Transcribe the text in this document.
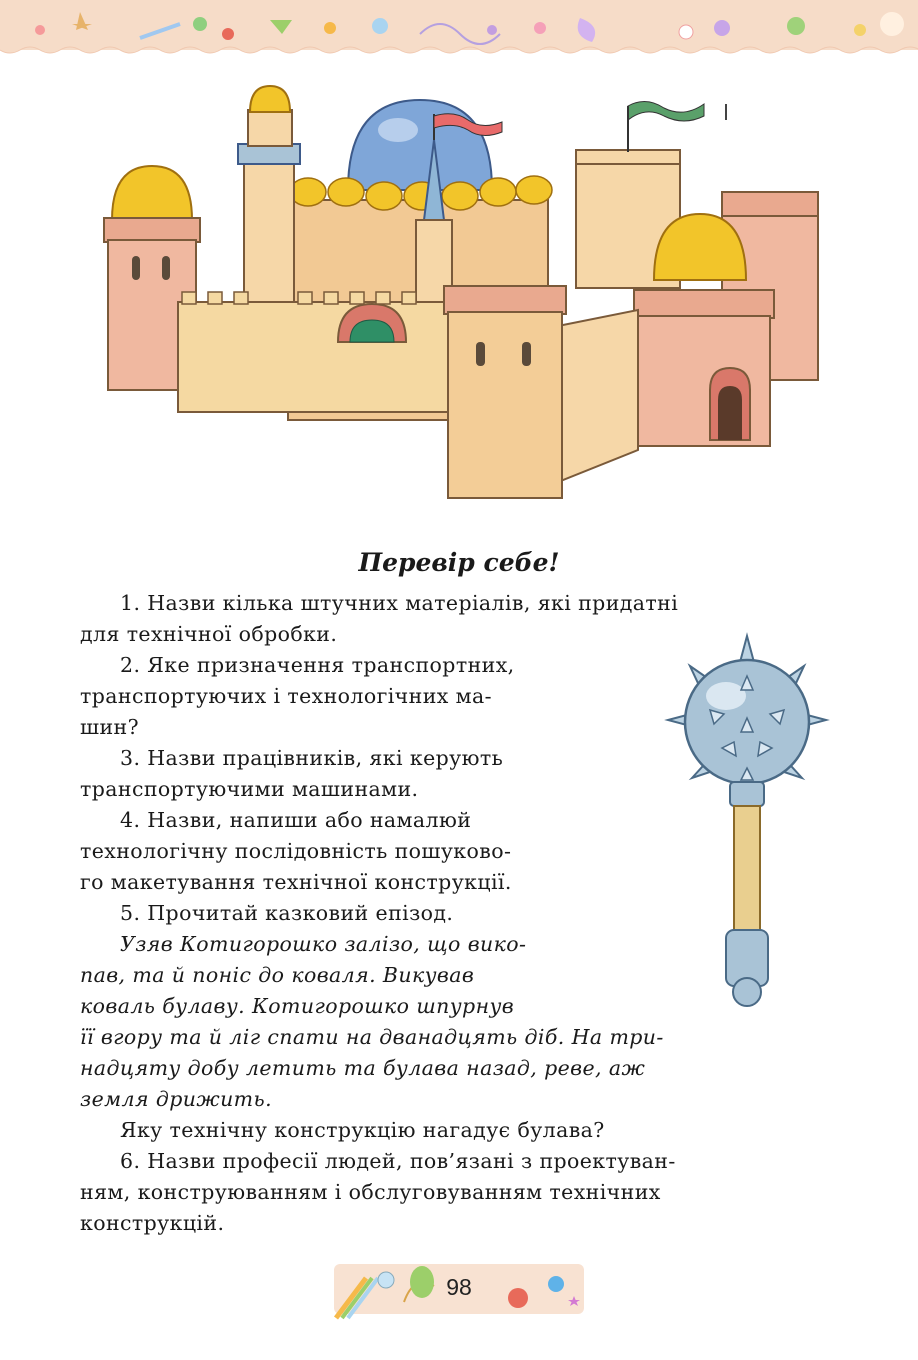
Перевір себе!

1. Назви кілька штучних матеріалів, які придатні

для технічної обробки.

2. Яке призначення транспортних,

транспортуючих і технологічних ма-

шин?

3. Назви працівників, які керують

транспортуючими машинами.

4. Назви, напиши або намалюй

технологічну послідовність пошуково-

го макетування технічної конструкції.

5. Прочитай казковий епізод.

Узяв Котигорошко залізо, що вико-

пав, та й поніс до коваля. Викував

коваль булаву. Котигорошко шпурнув

її вгору та й ліг спати на дванадцять діб. На три-

надцяту добу летить та булава назад, реве, аж

земля дрижить.

Яку технічну конструкцію нагадує булава?

6. Назви професії людей, пов’язані з проектуван-

ням, конструюванням і обслуговуванням технічних

конструкцій.

98
